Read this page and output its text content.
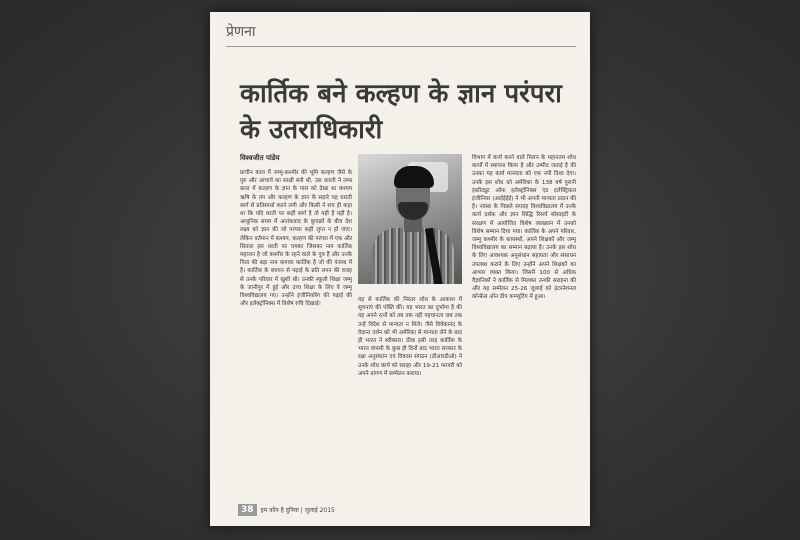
प्रेणना
कार्तिक बने कल्हण के ज्ञान परंपरा के उतराधिकारी
विश्वजीत पांडेय
प्राचीन काल में जम्मू-कश्मीर की भूमि कल्हण जैसे के गुरु और आचार्य का साक्षी बनी थी, उस धारती ने लम्ब काल में कल्हण के ज्ञान के पास को देखा था कश्यप ऋषि के तप और कल्हण के ज्ञान के सहारे यह धारती स्वर्ग से प्रतिस्पर्धा करने लगी और किसी ने सच ही कहा था कि यदि धरती पर कहीं स्वर्ग है तो यहीं है यहीं है। आधुनिक समय में आतंकवाद के कुचक्रों के बीच देश लक्ष्य को ज्ञान की जो परंपरा कहीं लुप्त न हो जाए। लेकिन वर्तमान में कश्यप, कल्हण की परंपरा में एक और सितारा इस धरती पर चमका जिसका नाम कार्तिक महाजन है जो कश्मीर के रहने वाले के पुत्र हैं और उनके पिता की बड़ा नाम कमाया कार्तिक है जो की पंजाब में है। कार्तिक के बचपन से पढ़ाई के प्रति लगन की वजह से उनके परिवार में खुशी थी। उनकी स्कूली शिक्षा जम्मू के जानीपुर में हुई और उच्च शिक्षा के लिए वे जम्मू विश्वविद्यालय गए। उन्होंने इंजीनियरिंग की पढ़ाई की और इलेक्ट्रॉनिक्स में विशेष रुचि दिखाई।
यह से कार्तिक की निरंतर शोध के आकाश में सूचनाएं की पंक्ति की। यह भारत का दुर्भाग्य है की यह अपने रत्नों को तब तक नहीं पहचानता जब तक उन्हें विदेश से मान्यता न मिले। जैसे विवेकानंद के वेदान्त दर्शन को भी अमेरिका से मान्यता लेने के बाद ही भारत ने स्वीकारा। ठीक इसी तरह कार्तिक के भारत वापसी के कुछ ही दिनों बाद भारत सरकार के रक्षा अनुसंधान एवं विकास संगठन (डीआरडीओ) ने उनके शोध कार्य को सराहा और 19-21 फरवरी को अपने प्रांगण में सम्मेलन कराया।
विभाग में कार्य करने वाले मिलन के महानतम शोध कार्यों में स्थापना किया है और उम्मीद जताई है की उनका यह कार्य मानवता को एक नयी दिशा देगा। उनके इस शोध को अमेरिका के 138 वर्ष पुरानी इंस्टीट्यूट ऑफ इलेक्ट्रॉनिक्स एंड इलेक्ट्रिकल इंजीनियर (आईईईई) ने भी अपनी मान्यता प्रदान की है। नवंबर के पिछले सप्ताह विश्वविद्यालय में उनके कार्य दर्शक और ज्ञान सिद्धि रिसर्च सोसाइटी के संरक्षण में आयोजित विशेष व्याख्यान में उनको विशेष सम्मान दिया गया। कार्तिक के अपने परिवार, जम्मू कश्मीर के कायस्थों, अपने शिक्षकों और जम्मू विश्वविद्यालय का सम्मान बढ़ाया है। उनके इस शोध के लिए आवश्यक अनुसंधान सहायता और संसाधन उपलब्ध कराने के लिए उन्होंने अपने शिक्षकों का आभार व्यक्त किया। जिसमें 100 से अधिक वैज्ञानिकों ने कार्तिक से मिलकर उनकी सराहना की और यह सम्मेलन 25-26 जुलाई को इंटरनेशनल कॉन्फ्रेंस ऑन डीप कम्प्यूटिंग में हुआ।
38	हम कौन है दुनिया | जुलाई 2015
